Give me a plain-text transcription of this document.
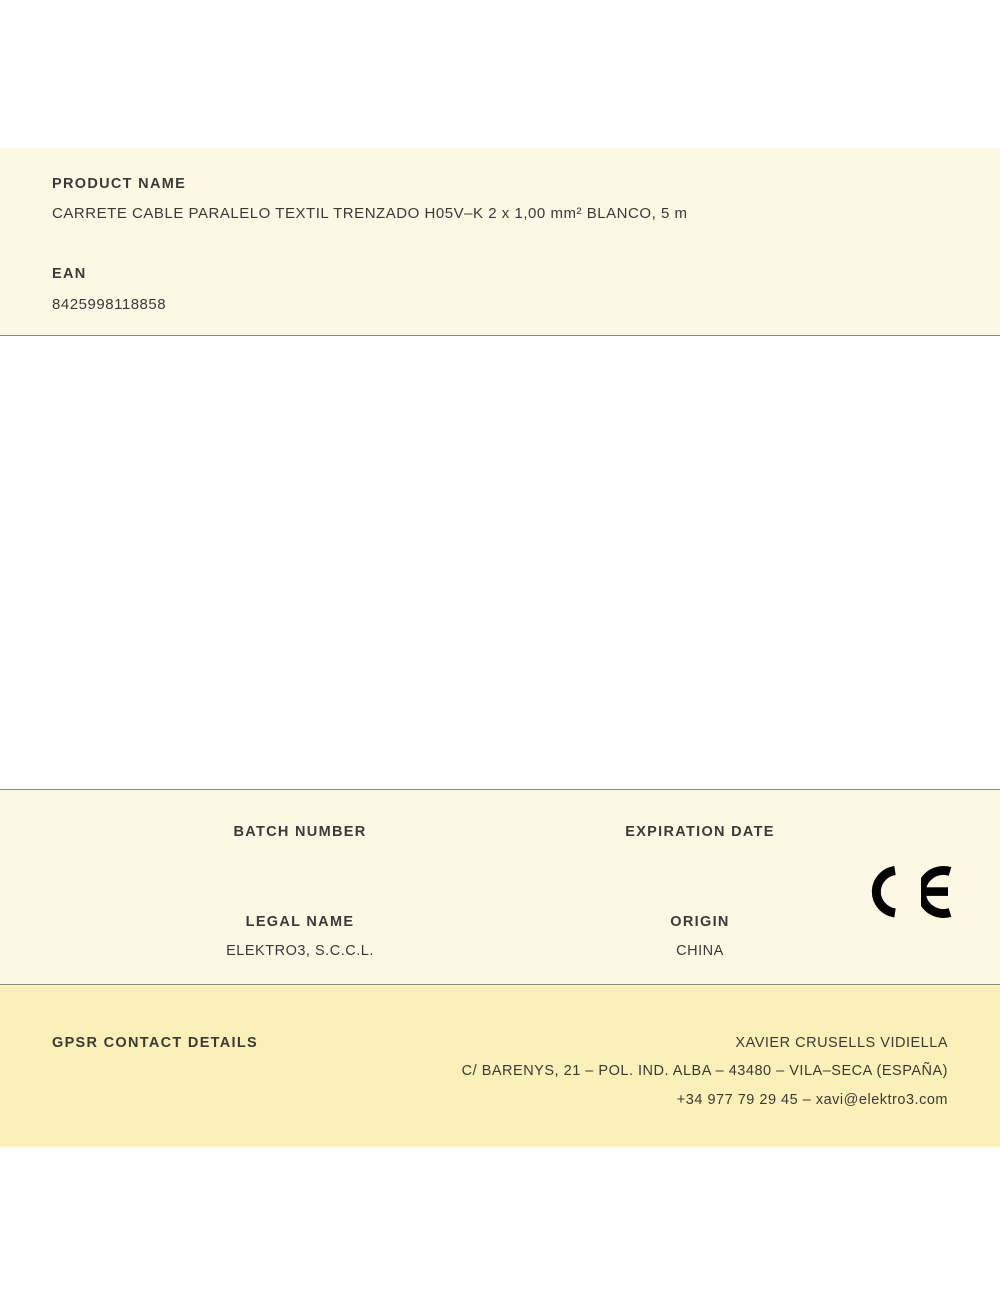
PRODUCT NAME
CARRETE CABLE PARALELO TEXTIL TRENZADO H05V–K 2 x 1,00 mm² BLANCO, 5 m
EAN
8425998118858
BATCH NUMBER	EXPIRATION DATE
LEGAL NAME
ELEKTRO3, S.C.C.L.
ORIGIN
CHINA
GPSR CONTACT DETAILS	XAVIER CRUSELLS VIDIELLA
C/ BARENYS, 21 – POL. IND. ALBA – 43480 – VILA–SECA (ESPAÑA)
+34 977 79 29 45 – xavi@elektro3.com
